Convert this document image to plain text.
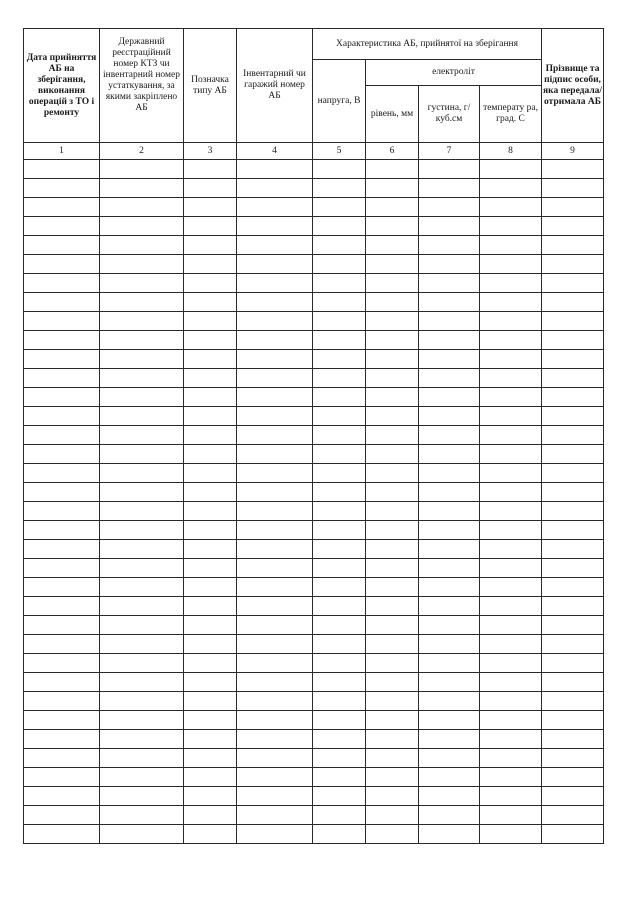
Дата прийняття АБ на зберігання, виконання операцій з ТО і ремонту	Державний реєстраційний номер КТЗ чи інвентарний номер устаткування, за якими закріплено АБ	Позначка типу АБ	Інвентарний чи гаражий номер АБ	Характеристика АБ, прийнятої на зберігання				Прізвище та підпис особи, яка передала/ отримала АБ
				напруга, В	електроліт			
					рівень, мм	густина, г/куб.см	температу ра, град. С	
1	2	3	4	5	6	7	8	9
